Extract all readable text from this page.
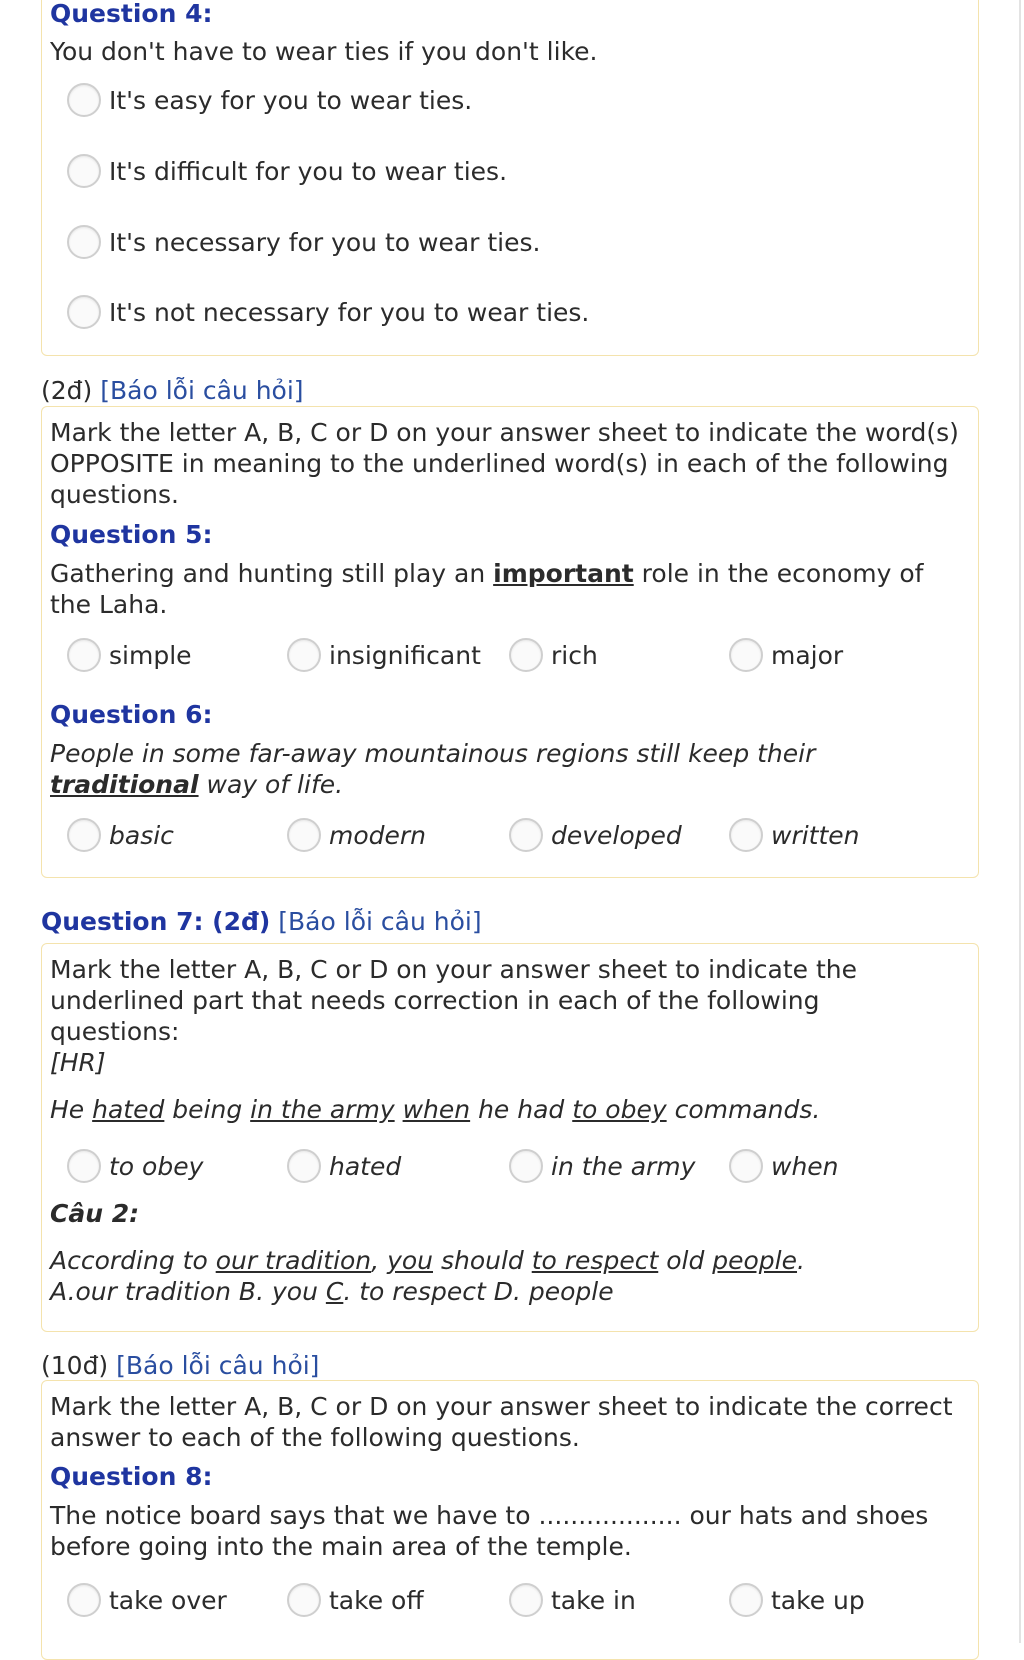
Question 4:

You don't have to wear ties if you don't like.

It's easy for you to wear ties.
It's difficult for you to wear ties.
It's necessary for you to wear ties.
It's not necessary for you to wear ties.

(2đ) [Báo lỗi câu hỏi]

Mark the letter A, B, C or D on your answer sheet to indicate the word(s) OPPOSITE in meaning to the underlined word(s) in each of the following questions.

Question 5:

Gathering and hunting still play an important role in the economy of the Laha.

simple	insignificant	rich	major

Question 6:

People in some far-away mountainous regions still keep their
traditional way of life.

basic	modern	developed	written

Question 7: (2đ) [Báo lỗi câu hỏi]

Mark the letter A, B, C or D on your answer sheet to indicate the underlined part that needs correction in each of the following questions:

[HR]

He hated being in the army when he had to obey commands.

to obey	hated	in the army	when

Câu 2:

According to our tradition, you should to respect old people.

A.our tradition B. you C. to respect D. people

(10đ) [Báo lỗi câu hỏi]

Mark the letter A, B, C or D on your answer sheet to indicate the correct answer to each of the following questions.

Question 8:

The notice board says that we have to .................. our hats and shoes before going into the main area of the temple.

take over	take off	take in	take up
